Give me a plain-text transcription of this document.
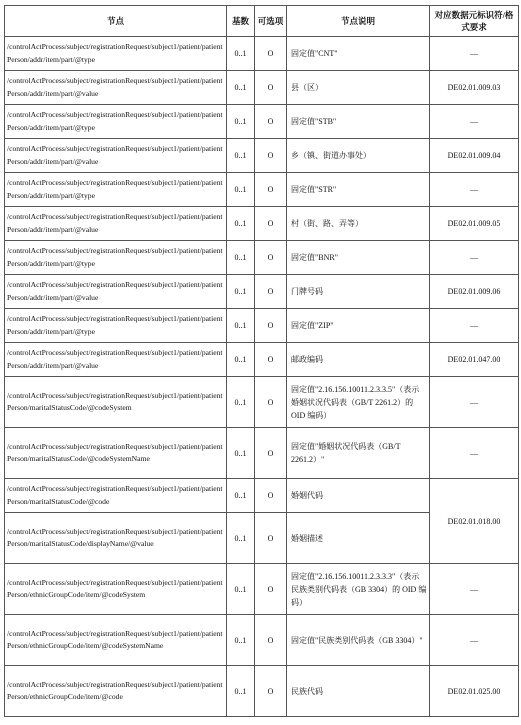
节点	基数	可选项	节点说明	对应数据元标识符/格式要求
/controlActProcess/subject/registrationRequest/subject1/patient/patientPerson/addr/item/part/@type	0..1	O	固定值"CNT"	—
/controlActProcess/subject/registrationRequest/subject1/patient/patientPerson/addr/item/part/@value	0..1	O	县（区）	DE02.01.009.03
/controlActProcess/subject/registrationRequest/subject1/patient/patientPerson/addr/item/part/@type	0..1	O	固定值"STB"	—
/controlActProcess/subject/registrationRequest/subject1/patient/patientPerson/addr/item/part/@value	0..1	O	乡（镇、街道办事处）	DE02.01.009.04
/controlActProcess/subject/registrationRequest/subject1/patient/patientPerson/addr/item/part/@type	0..1	O	固定值"STR"	—
/controlActProcess/subject/registrationRequest/subject1/patient/patientPerson/addr/item/part/@value	0..1	O	村（街、路、弄等）	DE02.01.009.05
/controlActProcess/subject/registrationRequest/subject1/patient/patientPerson/addr/item/part/@type	0..1	O	固定值"BNR"	—
/controlActProcess/subject/registrationRequest/subject1/patient/patientPerson/addr/item/part/@value	0..1	O	门牌号码	DE02.01.009.06
/controlActProcess/subject/registrationRequest/subject1/patient/patientPerson/addr/item/part/@type	0..1	O	固定值"ZIP"	—
/controlActProcess/subject/registrationRequest/subject1/patient/patientPerson/addr/item/part/@value	0..1	O	邮政编码	DE02.01.047.00
/controlActProcess/subject/registrationRequest/subject1/patient/patientPerson/maritalStatusCode/@codeSystem	0..1	O	固定值"2.16.156.10011.2.3.3.5"（表示婚姻状况代码表（GB/T 2261.2）的 OID 编码）	—
/controlActProcess/subject/registrationRequest/subject1/patient/patientPerson/maritalStatusCode/@codeSystemName	0..1	O	固定值"婚姻状况代码表（GB/T 2261.2）"	—
/controlActProcess/subject/registrationRequest/subject1/patient/patientPerson/maritalStatusCode/@code	0..1	O	婚姻代码	DE02.01.018.00
/controlActProcess/subject/registrationRequest/subject1/patient/patientPerson/maritalStatusCode/displayName/@value	0..1	O	婚姻描述	
/controlActProcess/subject/registrationRequest/subject1/patient/patientPerson/ethnicGroupCode/item/@codeSystem	0..1	O	固定值"2.16.156.10011.2.3.3.3"（表示民族类别代码表（GB 3304）的 OID 编码）	—
/controlActProcess/subject/registrationRequest/subject1/patient/patientPerson/ethnicGroupCode/item/@codeSystemName	0..1	O	固定值"民族类别代码表（GB 3304）"	—
/controlActProcess/subject/registrationRequest/subject1/patient/patientPerson/ethnicGroupCode/item/@code	0..1	O	民族代码	DE02.01.025.00
